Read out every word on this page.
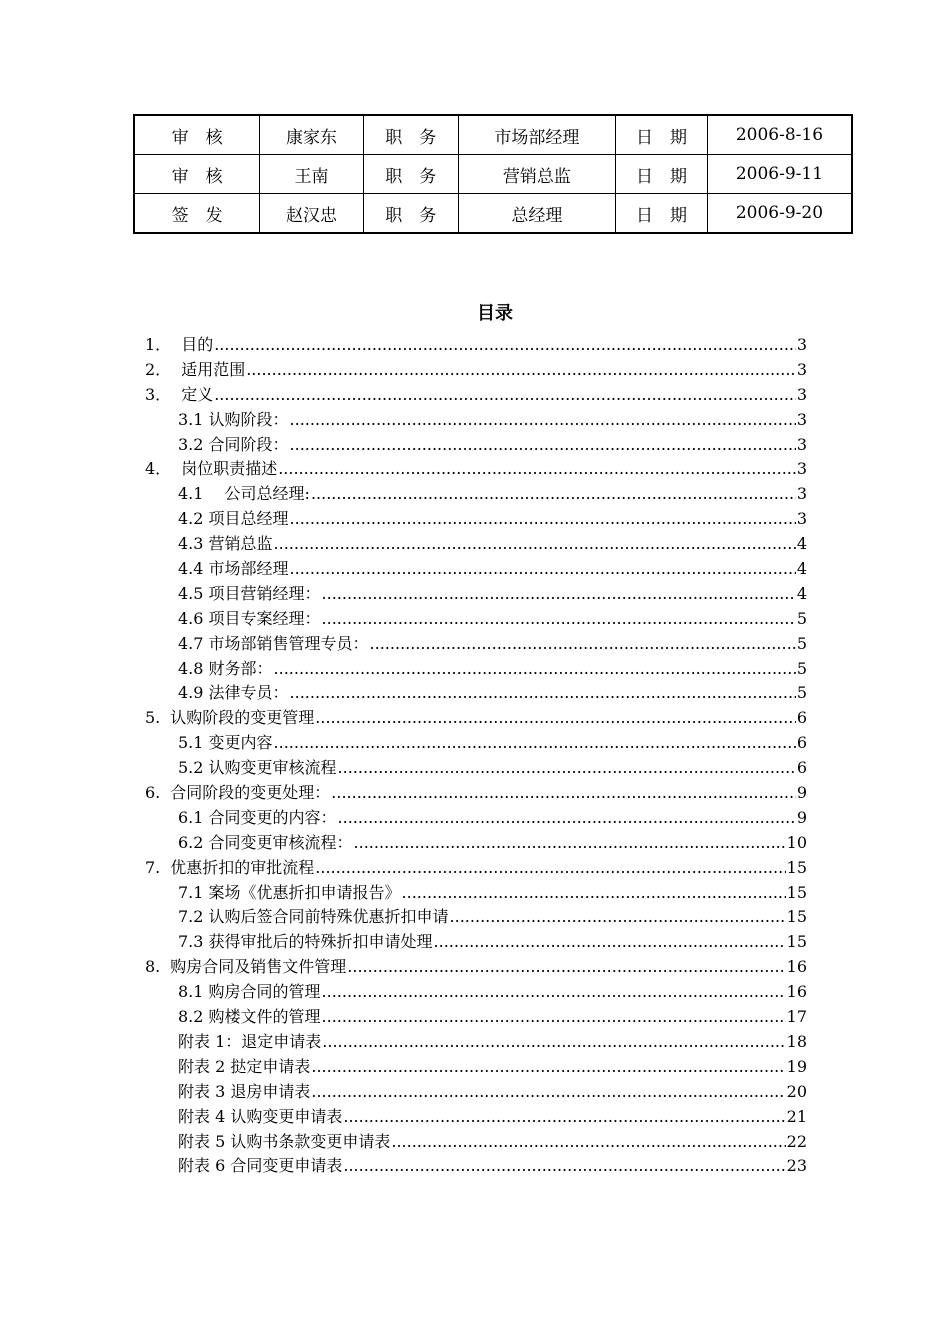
审　核	康家东	职　务	市场部经理	日　期	2006-8-16
审　核	王南	职　务	营销总监	日　期	2006-9-11
签　发	赵汉忠	职　务	总经理	日　期	2006-9-20
目录
1． 目的 .....	3
2． 适用范围 .....	3
3． 定义 .....	3
3.1 认购阶段： .....	3
3.2 合同阶段： .....	3
4． 岗位职责描述 .....	3
4.1　 公司总经理: .....	3
4.2 项目总经理 .....	3
4.3 营销总监 .....	4
4.4 市场部经理 .....	4
4.5 项目营销经理： .....	4
4.6 项目专案经理： .....	5
4.7 市场部销售管理专员： .....	5
4.8 财务部： .....	5
4.9 法律专员： .....	5
5. 认购阶段的变更管理 .....	6
5.1 变更内容 .....	6
5.2 认购变更审核流程 .....	6
6. 合同阶段的变更处理： .....	9
6.1 合同变更的内容： .....	9
6.2 合同变更审核流程： .....	10
7. 优惠折扣的审批流程 .....	15
7.1 案场《优惠折扣申请报告》 .....	15
7.2 认购后签合同前特殊优惠折扣申请 .....	15
7.3 获得审批后的特殊折扣申请处理 .....	15
8. 购房合同及销售文件管理 .....	16
8.1 购房合同的管理 .....	16
8.2 购楼文件的管理 .....	17
附表 1：退定申请表 .....	18
附表 2 挞定申请表 .....	19
附表 3 退房申请表 .....	20
附表 4 认购变更申请表 .....	21
附表 5 认购书条款变更申请表 .....	22
附表 6 合同变更申请表 .....	23
